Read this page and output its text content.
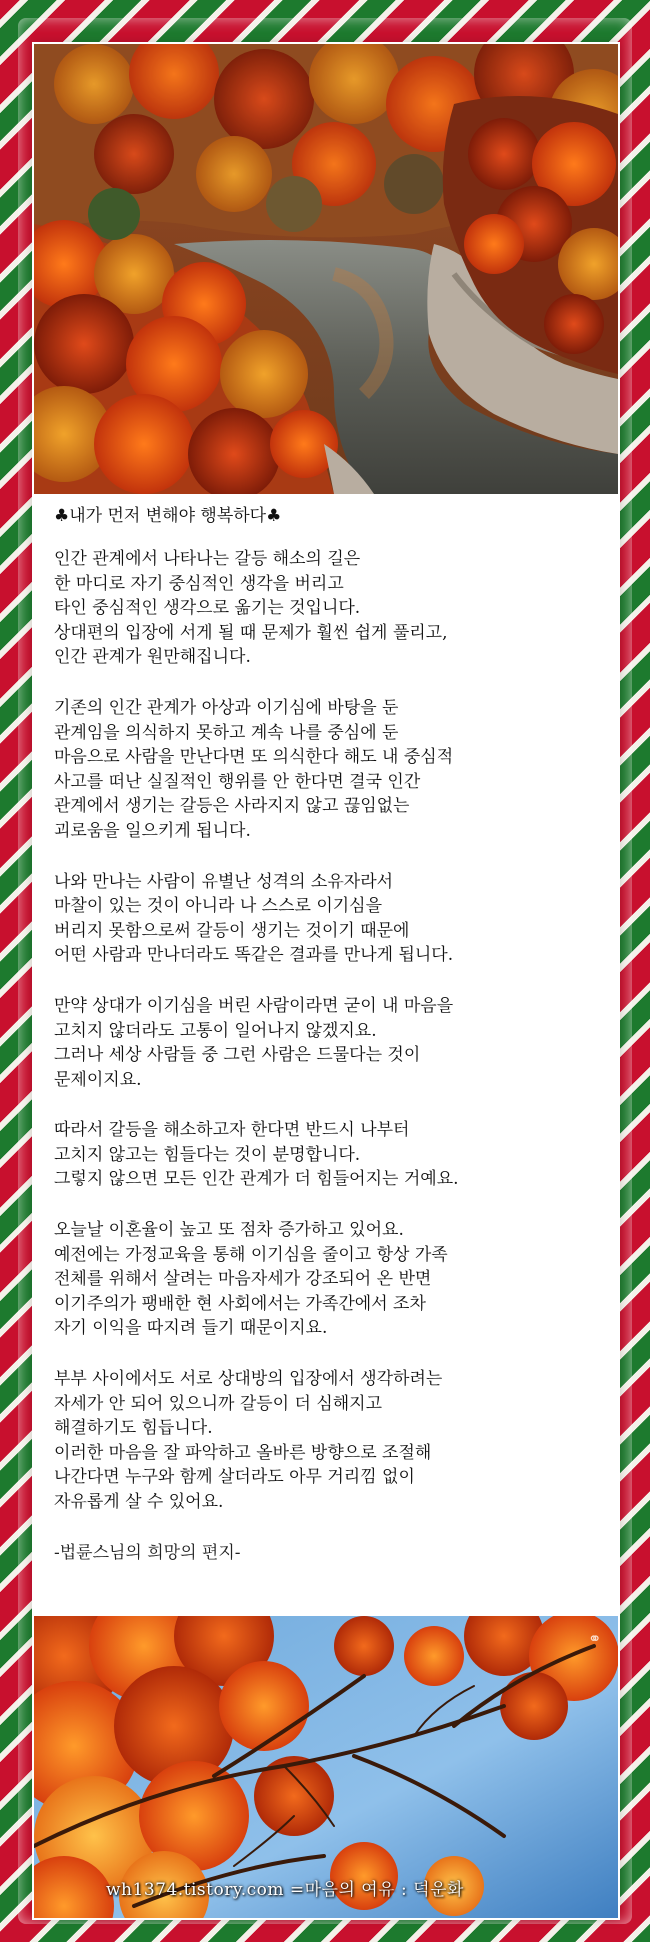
♣내가 먼저 변해야 행복하다♣
인간 관계에서 나타나는 갈등 해소의 길은
한 마디로 자기 중심적인 생각을 버리고
타인 중심적인 생각으로 옮기는 것입니다.
상대편의 입장에 서게 될 때 문제가 훨씬 쉽게 풀리고,
인간 관계가 원만해집니다.
기존의 인간 관계가 아상과 이기심에 바탕을 둔
관계임을 의식하지 못하고 계속 나를 중심에 둔
마음으로 사람을 만난다면 또 의식한다 해도 내 중심적
사고를 떠난 실질적인 행위를 안 한다면 결국 인간
관계에서 생기는 갈등은 사라지지 않고 끊임없는
괴로움을 일으키게 됩니다.
나와 만나는 사람이 유별난 성격의 소유자라서
마찰이 있는 것이 아니라 나 스스로 이기심을
버리지 못함으로써 갈등이 생기는 것이기 때문에
어떤 사람과 만나더라도 똑같은 결과를 만나게 됩니다.
만약 상대가 이기심을 버린 사람이라면 굳이 내 마음을
고치지 않더라도 고통이 일어나지 않겠지요.
그러나 세상 사람들 중 그런 사람은 드물다는 것이
문제이지요.
따라서 갈등을 해소하고자 한다면 반드시 나부터
고치지 않고는 힘들다는 것이 분명합니다.
그렇지 않으면 모든 인간 관계가 더 힘들어지는 거예요.
오늘날 이혼율이 높고 또 점차 증가하고 있어요.
예전에는 가정교육을 통해 이기심을 줄이고 항상 가족
전체를 위해서 살려는 마음자세가 강조되어 온 반면
이기주의가 팽배한 현 사회에서는 가족간에서 조차
자기 이익을 따지려 들기 때문이지요.
부부 사이에서도 서로 상대방의 입장에서 생각하려는
자세가 안 되어 있으니까 갈등이 더 심해지고
해결하기도 힘듭니다.
이러한 마음을 잘 파악하고 올바른 방향으로 조절해
나간다면 누구와 함께 살더라도 아무 거리낌 없이
자유롭게 살 수 있어요.
-법륜스님의 희망의 편지-
⚭
wh1374.tistory.com =마음의 여유 : 덕운화
